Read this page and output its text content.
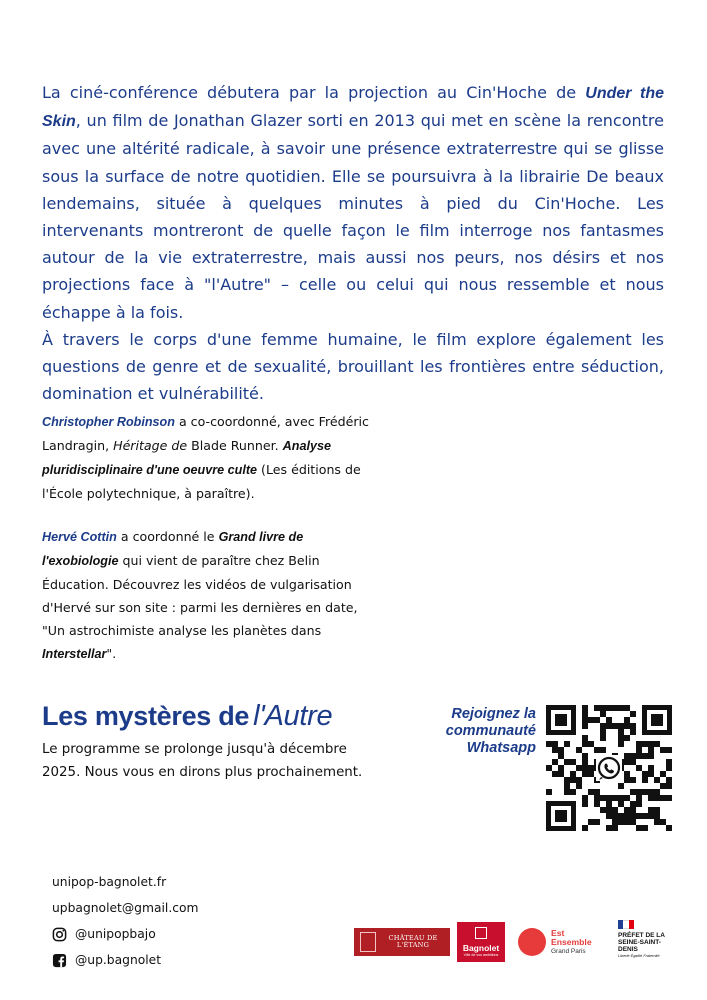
La ciné-conférence débutera par la projection au Cin'Hoche de Under the Skin, un film de Jonathan Glazer sorti en 2013 qui met en scène la rencontre avec une altérité radicale, à savoir une présence extraterrestre qui se glisse sous la surface de notre quotidien. Elle se poursuivra à la librairie De beaux lendemains, située à quelques minutes à pied du Cin'Hoche. Les intervenants montreront de quelle façon le film interroge nos fantasmes autour de la vie extraterrestre, mais aussi nos peurs, nos désirs et nos projections face à "l'Autre" – celle ou celui qui nous ressemble et nous échappe à la fois.

À travers le corps d'une femme humaine, le film explore également les questions de genre et de sexualité, brouillant les frontières entre séduction, domination et vulnérabilité.

Christopher Robinson a co-coordonné, avec Frédéric Landragin, Héritage de Blade Runner. Analyse pluridisciplinaire d'une oeuvre culte (Les éditions de l'École polytechnique, à paraître).

Hervé Cottin a coordonné le Grand livre de l'exobiologie qui vient de paraître chez Belin Éducation. Découvrez les vidéos de vulgarisation d'Hervé sur son site : parmi les dernières en date, "Un astrochimiste analyse les planètes dans Interstellar".

Les mystères de l'Autre

Le programme se prolonge jusqu'à décembre 2025. Nous vous en dirons plus prochainement.

Rejoignez la communauté Whatsapp

unipop-bagnolet.fr
upbagnolet@gmail.com
@unipopbajo
@up.bagnolet
CHÂTEAU DE L'ÉTANG	Bagnolet
Ville de vos ambitions
Est
Ensemble
Grand Paris
PRÉFET DE LA SEINE-SAINT-DENIS
Liberté Égalité Fraternité
